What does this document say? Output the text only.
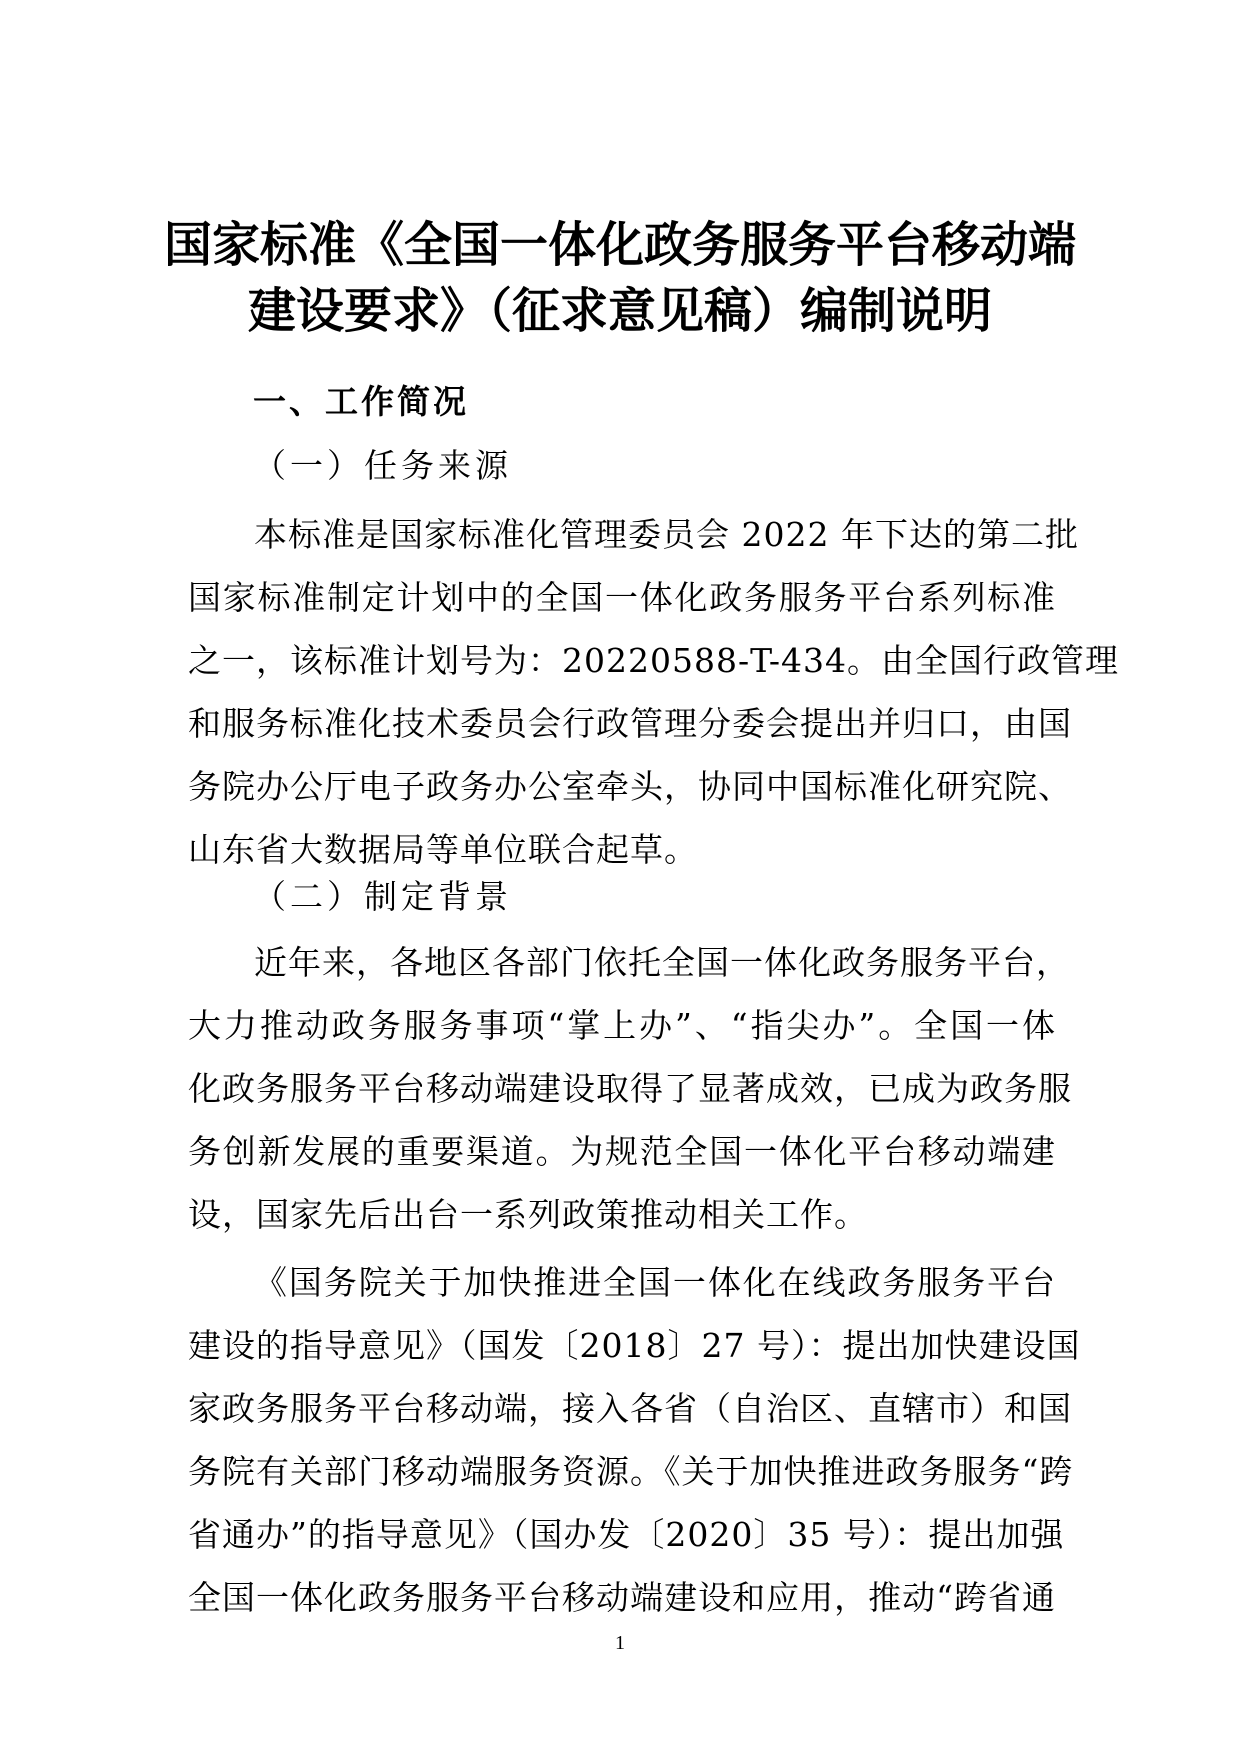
国家标准《全国一体化政务服务平台移动端
建设要求》（征求意见稿）编制说明
一、工作简况
（一）任务来源
本标准是国家标准化管理委员会 2022 年下达的第二批
国家标准制定计划中的全国一体化政务服务平台系列标准
之一，该标准计划号为：20220588-T-434。由全国行政管理
和服务标准化技术委员会行政管理分委会提出并归口，由国
务院办公厅电子政务办公室牵头，协同中国标准化研究院、
山东省大数据局等单位联合起草。
（二）制定背景
近年来，各地区各部门依托全国一体化政务服务平台，
大力推动政务服务事项“掌上办”、“指尖办”。全国一体
化政务服务平台移动端建设取得了显著成效，已成为政务服
务创新发展的重要渠道。为规范全国一体化平台移动端建
设，国家先后出台一系列政策推动相关工作。
《国务院关于加快推进全国一体化在线政务服务平台
建设的指导意见》（国发〔2018〕27 号）：提出加快建设国
家政务服务平台移动端，接入各省（自治区、直辖市）和国
务院有关部门移动端服务资源。《关于加快推进政务服务“跨
省通办”的指导意见》（国办发〔2020〕35 号）：提出加强
全国一体化政务服务平台移动端建设和应用，推动“跨省通
1
